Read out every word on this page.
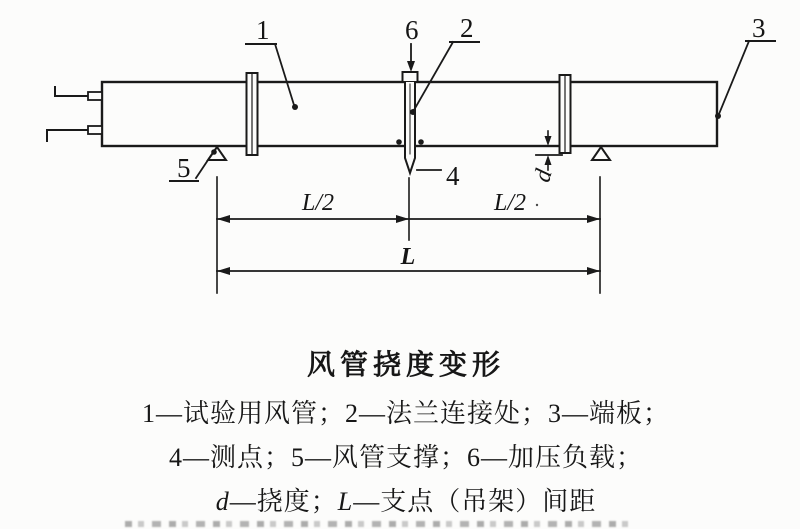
d
1	6 2	3
5	4
L/2	L/2
L
风管挠度变形
1—试验用风管；2—法兰连接处；3—端板；
4—测点；5—风管支撑；6—加压负载；
d—挠度；L—支点（吊架）间距
